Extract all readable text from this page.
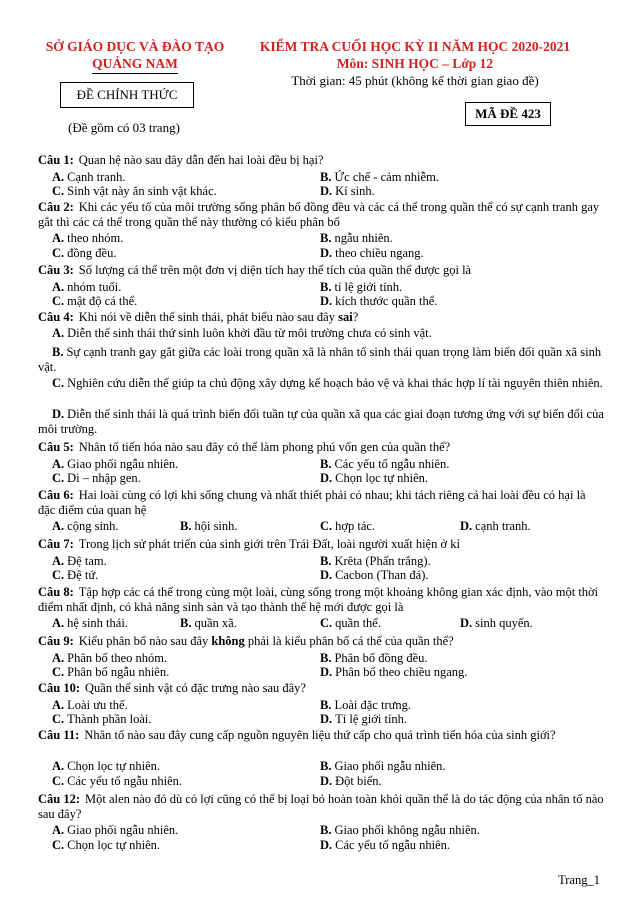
SỞ GIÁO DỤC VÀ ĐÀO TẠO
QUẢNG NAM
KIỂM TRA CUỐI HỌC KỲ II NĂM HỌC 2020-2021
Môn: SINH HỌC – Lớp 12
Thời gian: 45 phút (không kể thời gian giao đề)
ĐỀ CHÍNH THỨC
(Đề gồm có 03 trang)
MÃ ĐỀ 423
Câu 1: Quan hệ nào sau đây dẫn đến hai loài đều bị hại?
A. Cạnh tranh.	B. Ức chế - cảm nhiễm.
C. Sinh vật này ăn sinh vật khác.	D. Kí sinh.
Câu 2: Khi các yếu tố của môi trường sống phân bố đồng đều và các cá thể trong quần thể có sự cạnh tranh gay gắt thì các cá thể trong quần thể này thường có kiểu phân bố
A. theo nhóm.	B. ngẫu nhiên.
C. đồng đều.	D. theo chiều ngang.
Câu 3: Số lượng cá thể trên một đơn vị diện tích hay thể tích của quần thể được gọi là
A. nhóm tuổi.	B. tỉ lệ giới tính.
C. mật độ cá thể.	D. kích thước quần thể.
Câu 4: Khi nói về diễn thế sinh thái, phát biểu nào sau đây sai?
A. Diễn thế sinh thái thứ sinh luôn khởi đầu từ môi trường chưa có sinh vật.
B. Sự cạnh tranh gay gắt giữa các loài trong quần xã là nhân tố sinh thái quan trọng làm biến đổi quần xã sinh vật.
C. Nghiên cứu diễn thế giúp ta chủ động xây dựng kế hoạch bảo vệ và khai thác hợp lí tài nguyên thiên nhiên.
D. Diễn thế sinh thái là quá trình biến đổi tuần tự của quần xã qua các giai đoạn tương ứng với sự biến đổi của môi trường.
Câu 5: Nhân tố tiến hóa nào sau đây có thể làm phong phú vốn gen của quần thể?
A. Giao phối ngẫu nhiên.	B. Các yếu tố ngẫu nhiên.
C. Di – nhập gen.	D. Chọn lọc tự nhiên.
Câu 6: Hai loài cùng có lợi khi sống chung và nhất thiết phải có nhau; khi tách riêng cả hai loài đều có hại là đặc điểm của quan hệ
A. cộng sinh.	B. hội sinh.	C. hợp tác.	D. cạnh tranh.
Câu 7: Trong lịch sử phát triển của sinh giới trên Trái Đất, loài người xuất hiện ở kỉ
A. Đệ tam.	B. Krêta (Phấn trắng).
C. Đệ tứ.	D. Cacbon (Than đá).
Câu 8: Tập hợp các cá thể trong cùng một loài, cùng sống trong một khoảng không gian xác định, vào một thời điểm nhất định, có khả năng sinh sản và tạo thành thế hệ mới được gọi là
A. hệ sinh thái.	B. quần xã.	C. quần thể.	D. sinh quyển.
Câu 9: Kiểu phân bố nào sau đây không phải là kiểu phân bố cá thể của quần thể?
A. Phân bố theo nhóm.	B. Phân bố đồng đều.
C. Phân bố ngẫu nhiên.	D. Phân bố theo chiều ngang.
Câu 10: Quần thể sinh vật có đặc trưng nào sau đây?
A. Loài ưu thế.	B. Loài đặc trưng.
C. Thành phần loài.	D. Tỉ lệ giới tính.
Câu 11: Nhân tố nào sau đây cung cấp nguồn nguyên liệu thứ cấp cho quá trình tiến hóa của sinh giới?
A. Chọn lọc tự nhiên.	B. Giao phối ngẫu nhiên.
C. Các yếu tố ngẫu nhiên.	D. Đột biến.
Câu 12: Một alen nào đó dù có lợi cũng có thể bị loại bỏ hoàn toàn khỏi quần thể là do tác động của nhân tố nào sau đây?
A. Giao phối ngẫu nhiên.	B. Giao phối không ngẫu nhiên.
C. Chọn lọc tự nhiên.	D. Các yếu tố ngẫu nhiên.
Trang_1
